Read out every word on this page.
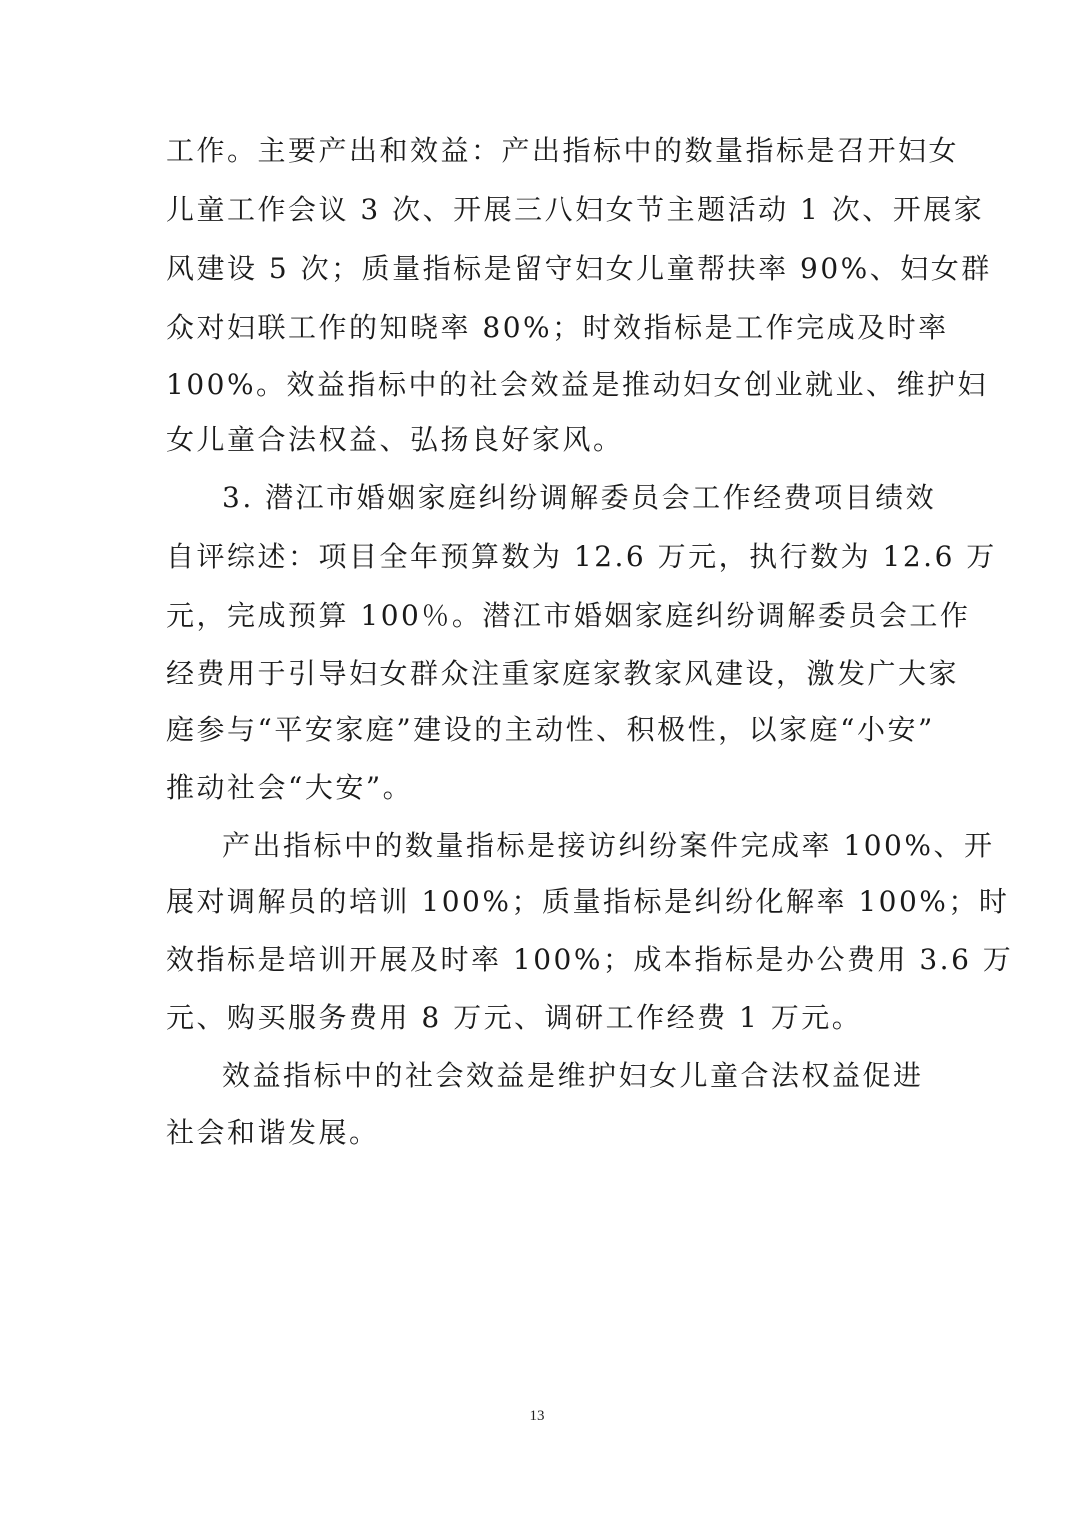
工作。主要产出和效益：产出指标中的数量指标是召开妇女
儿童工作会议 3 次、开展三八妇女节主题活动 1 次、开展家
风建设 5 次；质量指标是留守妇女儿童帮扶率 90%、妇女群
众对妇联工作的知晓率 80%；时效指标是工作完成及时率
100%。效益指标中的社会效益是推动妇女创业就业、维护妇
女儿童合法权益、弘扬良好家风。
3. 潜江市婚姻家庭纠纷调解委员会工作经费项目绩效
自评综述：项目全年预算数为 12.6 万元，执行数为 12.6 万
元，完成预算 100％。潜江市婚姻家庭纠纷调解委员会工作
经费用于引导妇女群众注重家庭家教家风建设，激发广大家
庭参与“平安家庭”建设的主动性、积极性，以家庭“小安”
推动社会“大安”。
产出指标中的数量指标是接访纠纷案件完成率 100%、开
展对调解员的培训 100%；质量指标是纠纷化解率 100%；时
效指标是培训开展及时率 100%；成本指标是办公费用 3.6 万
元、购买服务费用 8 万元、调研工作经费 1 万元。
效益指标中的社会效益是维护妇女儿童合法权益促进
社会和谐发展。
13
